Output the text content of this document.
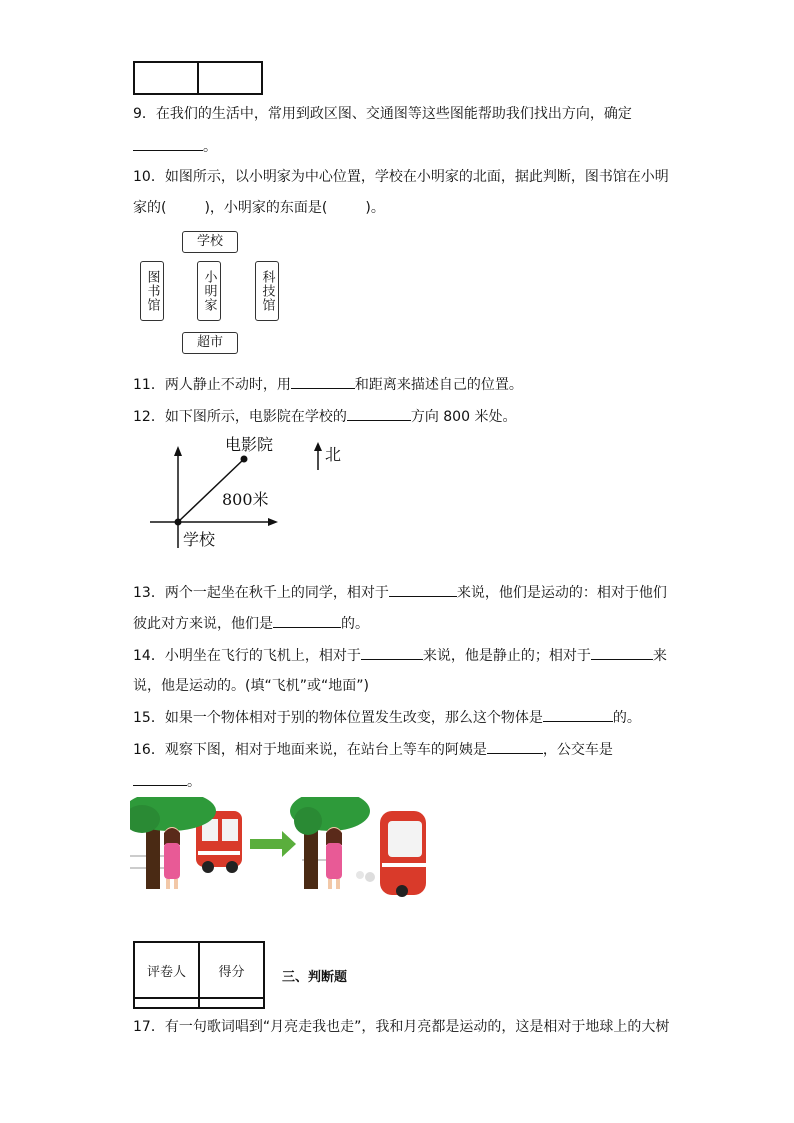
9．在我们的生活中，常用到政区图、交通图等这些图能帮助我们找出方向，确定
。
10．如图所示，以小明家为中心位置，学校在小明家的北面，据此判断，图书馆在小明
家的(	)，小明家的东面是(	)。
学校
图书馆	小明家	科技馆
超市
11．两人静止不动时，用	和距离来描述自己的位置。
12．如下图所示，电影院在学校的	方向 800 米处。
电影院
800米
学校
北
13．两个一起坐在秋千上的同学，相对于	来说，他们是运动的：相对于他们
彼此对方来说，他们是	的。
14．小明坐在飞行的飞机上，相对于	来说，他是静止的；相对于	来
说，他是运动的。(填“飞机”或“地面”)
15．如果一个物体相对于别的物体位置发生改变，那么这个物体是	的。
16．观察下图，相对于地面来说，在站台上等车的阿姨是	，公交车是
。
评卷人	得分
		三、判断题
17．有一句歌词唱到“月亮走我也走”，我和月亮都是运动的，这是相对于地球上的大树
